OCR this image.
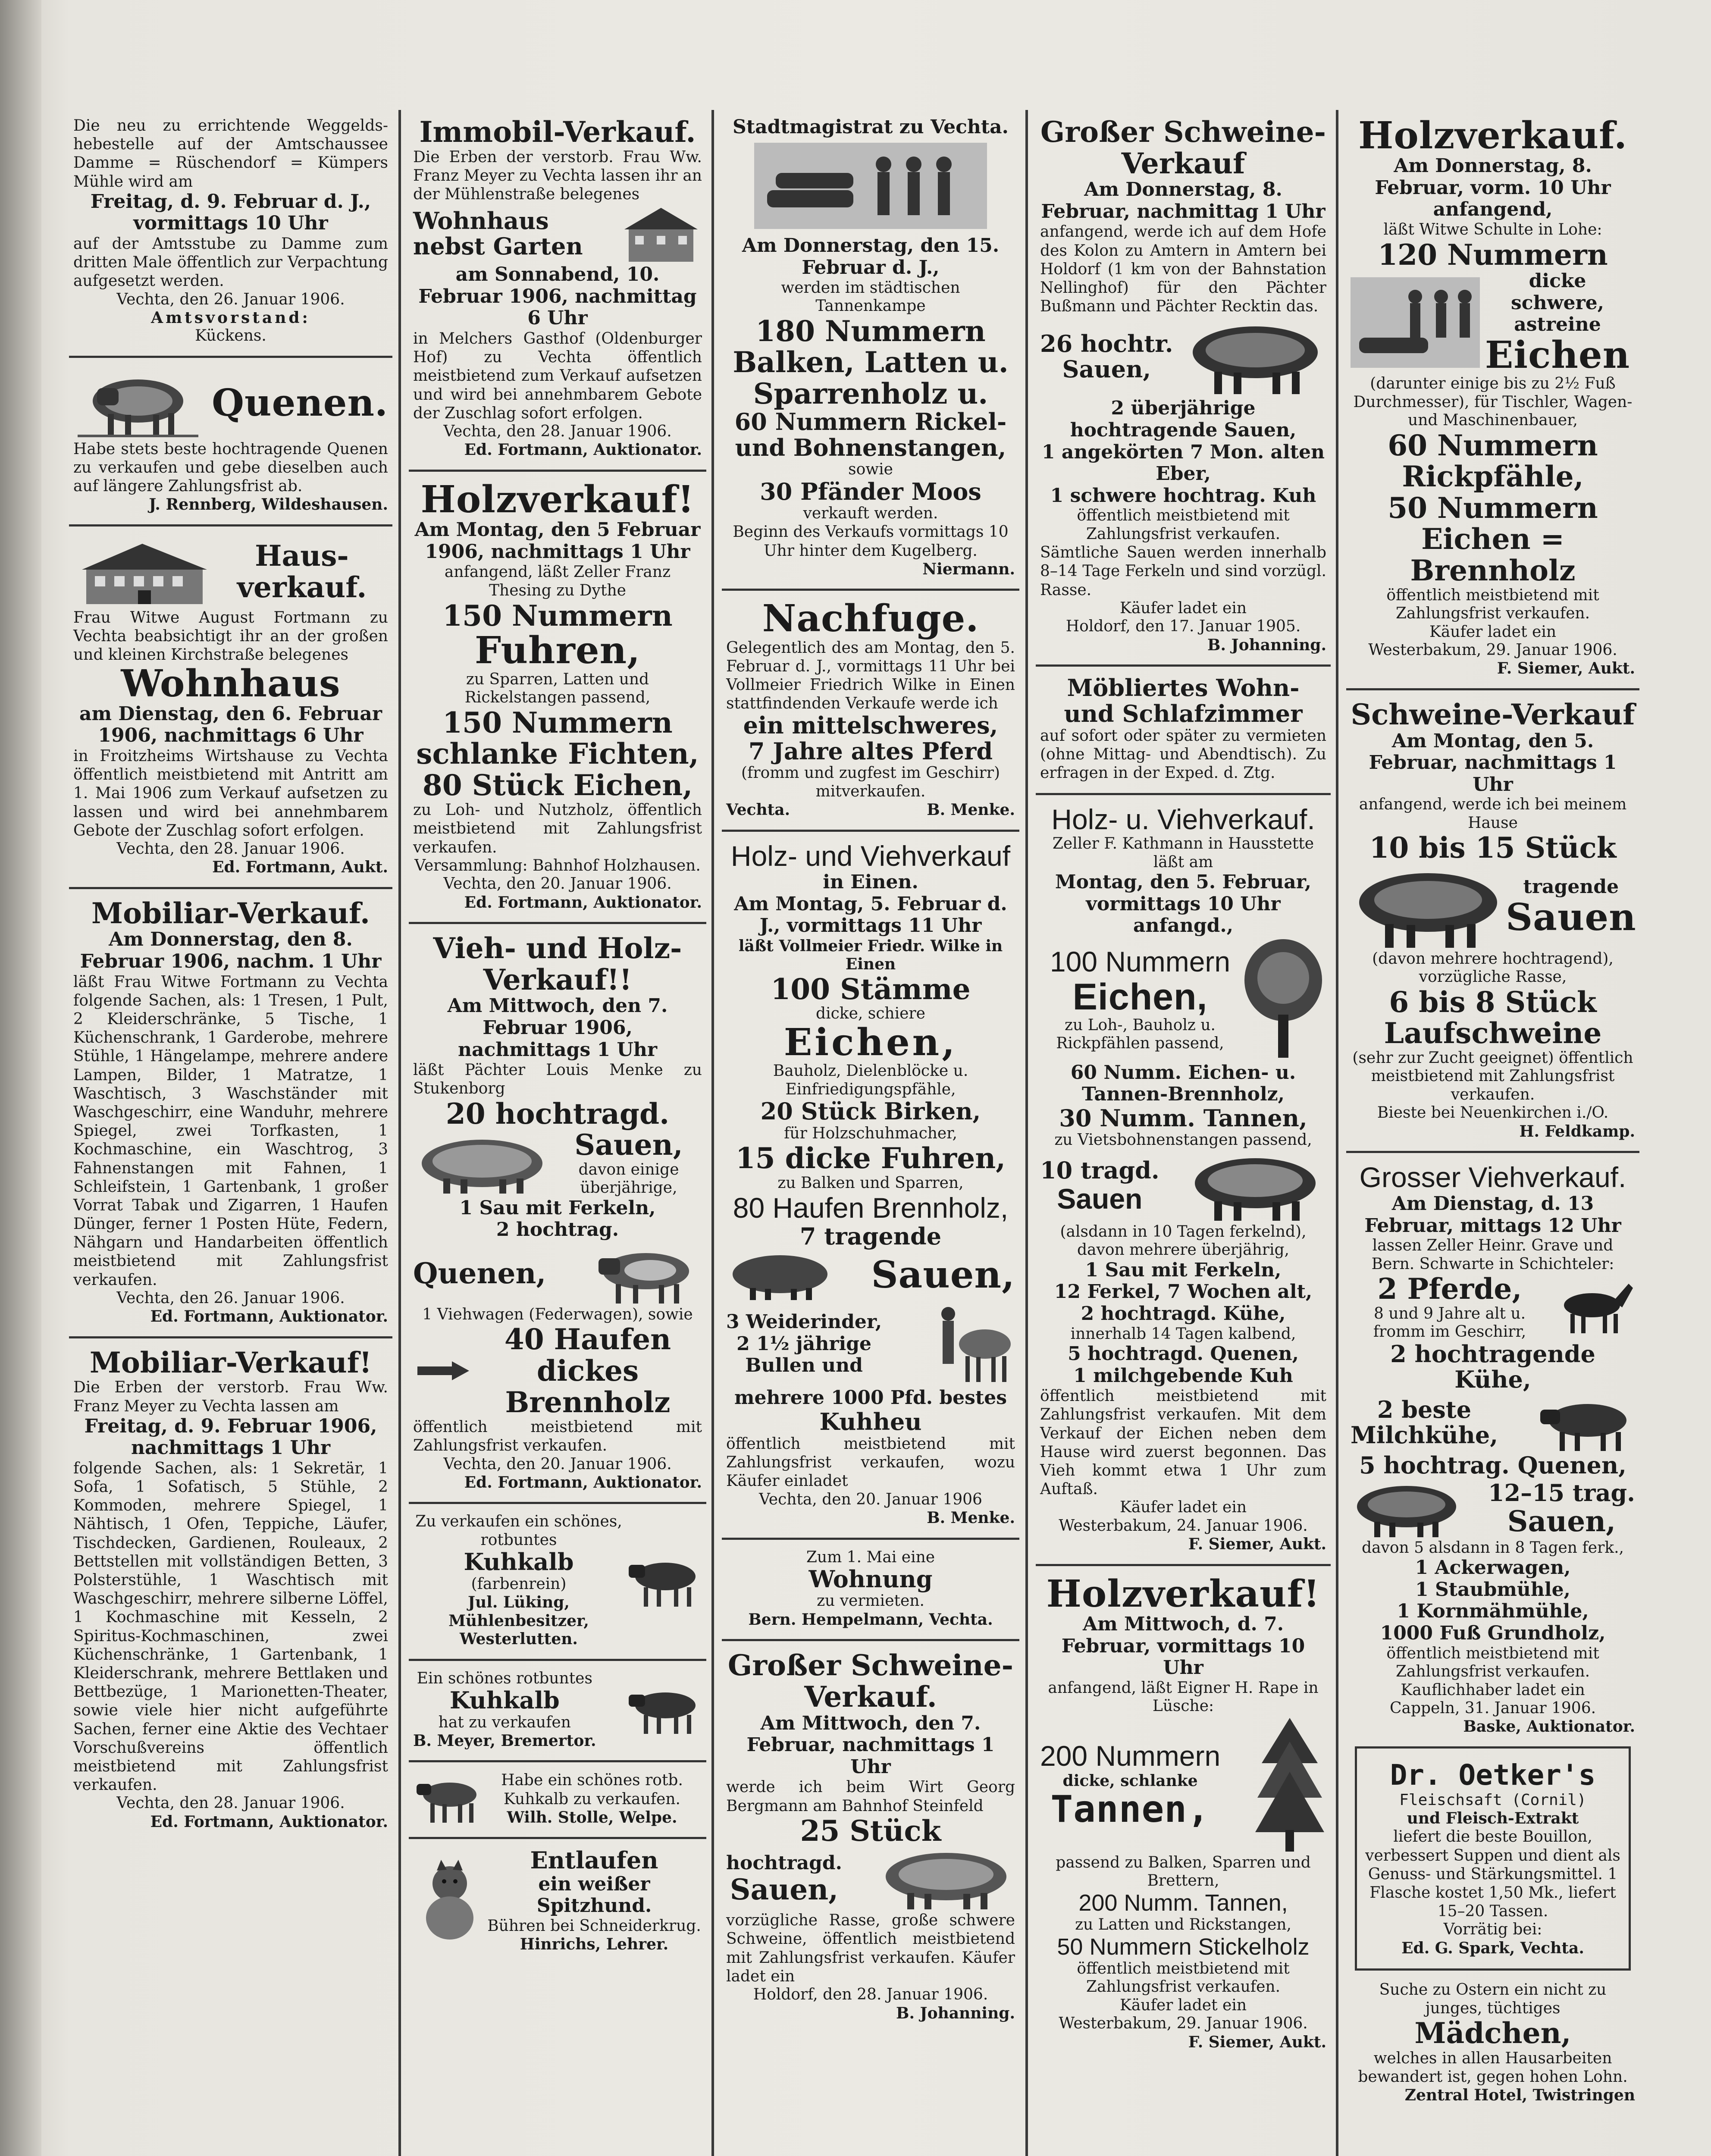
Die neu zu errichtende Weggelds-hebestelle auf der Amtschaussee Damme = Rüschendorf = Kümpers Mühle wird am

Freitag, d. 9. Februar d. J., vormittags 10 Uhr

auf der Amtsstube zu Damme zum dritten Male öffentlich zur Verpachtung aufgesetzt werden.

Vechta, den 26. Januar 1906.
Amtsvorstand:
Kückens.
Quenen.

Habe stets beste hochtragende Quenen zu verkaufen und gebe dieselben auch auf längere Zahlungsfrist ab.

J. Rennberg, Wildeshausen.
Haus-verkauf.

Frau Witwe August Fortmann zu Vechta beabsichtigt ihr an der großen und kleinen Kirchstraße belegenes

Wohnhaus
am Dienstag, den 6. Februar 1906, nachmittags 6 Uhr

in Froitzheims Wirtshause zu Vechta öffentlich meistbietend mit Antritt am 1. Mai 1906 zum Verkauf aufsetzen zu lassen und wird bei annehmbarem Gebote der Zuschlag sofort erfolgen.

Vechta, den 28. Januar 1906.
Ed. Fortmann, Aukt.
Mobiliar-Verkauf.
Am Donnerstag, den 8. Februar 1906, nachm. 1 Uhr

läßt Frau Witwe Fortmann zu Vechta folgende Sachen, als: 1 Tresen, 1 Pult, 2 Kleiderschränke, 5 Tische, 1 Küchenschrank, 1 Garderobe, mehrere Stühle, 1 Hängelampe, mehrere andere Lampen, Bilder, 1 Matratze, 1 Waschtisch, 3 Waschständer mit Waschgeschirr, eine Wanduhr, mehrere Spiegel, zwei Torfkasten, 1 Kochmaschine, ein Waschtrog, 3 Fahnenstangen mit Fahnen, 1 Schleifstein, 1 Gartenbank, 1 großer Vorrat Tabak und Zigarren, 1 Haufen Dünger, ferner 1 Posten Hüte, Federn, Nähgarn und Handarbeiten öffentlich meistbietend mit Zahlungsfrist verkaufen.

Vechta, den 26. Januar 1906.
Ed. Fortmann, Auktionator.
Mobiliar-Verkauf!

Die Erben der verstorb. Frau Ww. Franz Meyer zu Vechta lassen am

Freitag, d. 9. Februar 1906, nachmittags 1 Uhr

folgende Sachen, als: 1 Sekretär, 1 Sofa, 1 Sofatisch, 5 Stühle, 2 Kommoden, mehrere Spiegel, 1 Nähtisch, 1 Ofen, Teppiche, Läufer, Tischdecken, Gardienen, Rouleaux, 2 Bettstellen mit vollständigen Betten, 3 Polsterstühle, 1 Waschtisch mit Waschgeschirr, mehrere silberne Löffel, 1 Kochmaschine mit Kesseln, 2 Spiritus-Kochmaschinen, zwei Küchenschränke, 1 Gartenbank, 1 Kleiderschrank, mehrere Bettlaken und Bettbezüge, 1 Marionetten-Theater, sowie viele hier nicht aufgeführte Sachen, ferner eine Aktie des Vechtaer Vorschußvereins öffentlich meistbietend mit Zahlungsfrist verkaufen.

Vechta, den 28. Januar 1906.
Ed. Fortmann, Auktionator.
Immobil-Verkauf.

Die Erben der verstorb. Frau Ww. Franz Meyer zu Vechta lassen ihr an der Mühlenstraße belegenes

Wohnhaus nebst Garten
am Sonnabend, 10. Februar 1906, nachmittag 6 Uhr

in Melchers Gasthof (Oldenburger Hof) zu Vechta öffentlich meistbietend zum Verkauf aufsetzen und wird bei annehmbarem Gebote der Zuschlag sofort erfolgen.

Vechta, den 28. Januar 1906.
Ed. Fortmann, Auktionator.
Holzverkauf!
Am Montag, den 5 Februar 1906, nachmittags 1 Uhr

anfangend, läßt Zeller Franz Thesing zu Dythe

150 Nummern
Fuhren,
zu Sparren, Latten und Rickelstangen passend,
150 Nummern
schlanke Fichten,
80 Stück Eichen,

zu Loh- und Nutzholz, öffentlich meistbietend mit Zahlungsfrist verkaufen.

Versammlung: Bahnhof Holzhausen.
Vechta, den 20. Januar 1906.
Ed. Fortmann, Auktionator.
Vieh- und Holz-Verkauf!!
Am Mittwoch, den 7. Februar 1906, nachmittags 1 Uhr

läßt Pächter Louis Menke zu Stukenborg

20 hochtragd.
Sauen,
davon einige überjährige,
1 Sau mit Ferkeln,
2 hochtrag.
Quenen,
1 Viehwagen (Federwagen), sowie
40 Haufen dickes Brennholz

öffentlich meistbietend mit Zahlungsfrist verkaufen.

Vechta, den 20. Januar 1906.
Ed. Fortmann, Auktionator.
Zu verkaufen ein schönes, rotbuntes
Kuhkalb
(farbenrein)
Jul. Lüking, Mühlenbesitzer, Westerlutten.
Ein schönes rotbuntes
Kuhkalb
hat zu verkaufen
B. Meyer, Bremertor.

Habe ein schönes rotb. Kuhkalb zu verkaufen.

Wilh. Stolle, Welpe.
Entlaufen
ein weißer Spitzhund.
Bühren bei Schneiderkrug.
Hinrichs, Lehrer.
Stadtmagistrat zu Vechta.
Am Donnerstag, den 15. Februar d. J.,
werden im städtischen Tannenkampe
180 Nummern
Balken, Latten u.
Sparrenholz u.
60 Nummern Rickel- und Bohnenstangen,
sowie
30 Pfänder Moos
verkauft werden.

Beginn des Verkaufs vormittags 10 Uhr hinter dem Kugelberg.

Niermann.
Nachfuge.

Gelegentlich des am Montag, den 5. Februar d. J., vormittags 11 Uhr bei Vollmeier Friedrich Wilke in Einen stattfindenden Verkaufe werde ich

ein mittelschweres,
7 Jahre altes Pferd
(fromm und zugfest im Geschirr) mitverkaufen.
Vechta.	B. Menke.
Holz- und Viehverkauf
in Einen.
Am Montag, 5. Februar d. J., vormittags 11 Uhr
läßt Vollmeier Friedr. Wilke in Einen
100 Stämme
dicke, schiere
Eichen,
Bauholz, Dielenblöcke u. Einfriedigungspfähle,
20 Stück Birken,
für Holzschuhmacher,
15 dicke Fuhren,
zu Balken und Sparren,
80 Haufen Brennholz,
7 tragende
Sauen,
3 Weiderinder,
2 1½ jährige
Bullen und
mehrere 1000 Pfd. bestes
Kuhheu

öffentlich meistbietend mit Zahlungsfrist verkaufen, wozu Käufer einladet

Vechta, den 20. Januar 1906
B. Menke.
Zum 1. Mai eine
Wohnung
zu vermieten.
Bern. Hempelmann, Vechta.
Großer Schweine-Verkauf.
Am Mittwoch, den 7. Februar, nachmittags 1 Uhr

werde ich beim Wirt Georg Bergmann am Bahnhof Steinfeld

25 Stück
hochtragd.
Sauen,

vorzügliche Rasse, große schwere Schweine, öffentlich meistbietend mit Zahlungsfrist verkaufen. Käufer ladet ein

Holdorf, den 28. Januar 1906.
B. Johanning.
Großer Schweine-Verkauf
Am Donnerstag, 8. Februar, nachmittag 1 Uhr

anfangend, werde ich auf dem Hofe des Kolon zu Amtern in Amtern bei Holdorf (1 km von der Bahnstation Nellinghof) für den Pächter Bußmann und Pächter Recktin das.

26 hochtr.
Sauen,
2 überjährige hochtragende Sauen,
1 angekörten 7 Mon. alten Eber,
1 schwere hochtrag. Kuh
öffentlich meistbietend mit Zahlungsfrist verkaufen.

Sämtliche Sauen werden innerhalb 8–14 Tage Ferkeln und sind vorzügl. Rasse.

Käufer ladet ein
Holdorf, den 17. Januar 1905.
B. Johanning.
Möbliertes Wohn- und Schlafzimmer

auf sofort oder später zu vermieten (ohne Mittag- und Abendtisch). Zu erfragen in der Exped. d. Ztg.

Holz- u. Viehverkauf.
Zeller F. Kathmann in Hausstette läßt am
Montag, den 5. Februar, vormittags 10 Uhr anfangd.,
100 Nummern
Eichen,
zu Loh-, Bauholz u. Rickpfählen passend,
60 Numm. Eichen- u. Tannen-Brennholz,
30 Numm. Tannen,
zu Vietsbohnenstangen passend,
10 tragd.
Sauen
(alsdann in 10 Tagen ferkelnd), davon mehrere überjährig,
1 Sau mit Ferkeln,
12 Ferkel, 7 Wochen alt,
2 hochtragd. Kühe,
innerhalb 14 Tagen kalbend,
5 hochtragd. Quenen,
1 milchgebende Kuh

öffentlich meistbietend mit Zahlungsfrist verkaufen. Mit dem Verkauf der Eichen neben dem Hause wird zuerst begonnen. Das Vieh kommt etwa 1 Uhr zum Auftaß.

Käufer ladet ein
Westerbakum, 24. Januar 1906.
F. Siemer, Aukt.
Holzverkauf!
Am Mittwoch, d. 7. Februar, vormittags 10 Uhr
anfangend, läßt Eigner H. Rape in Lüsche:
200 Nummern
dicke, schlanke
Tannen,
passend zu Balken, Sparren und Brettern,
200 Numm. Tannen,
zu Latten und Rickstangen,
50 Nummern Stickelholz
öffentlich meistbietend mit Zahlungsfrist verkaufen.
Käufer ladet ein
Westerbakum, 29. Januar 1906.
F. Siemer, Aukt.
Holzverkauf.
Am Donnerstag, 8. Februar, vorm. 10 Uhr anfangend,
läßt Witwe Schulte in Lohe:
120 Nummern
dicke schwere, astreine
Eichen
(darunter einige bis zu 2½ Fuß Durchmesser), für Tischler, Wagen- und Maschinenbauer,
60 Nummern
Rickpfähle,
50 Nummern
Eichen = Brennholz
öffentlich meistbietend mit Zahlungsfrist verkaufen.
Käufer ladet ein
Westerbakum, 29. Januar 1906.
F. Siemer, Aukt.
Schweine-Verkauf
Am Montag, den 5. Februar, nachmittags 1 Uhr
anfangend, werde ich bei meinem Hause
10 bis 15 Stück
tragende
Sauen
(davon mehrere hochtragend), vorzügliche Rasse,
6 bis 8 Stück
Laufschweine
(sehr zur Zucht geeignet) öffentlich meistbietend mit Zahlungsfrist verkaufen.
Bieste bei Neuenkirchen i./O.
H. Feldkamp.
Grosser Viehverkauf.
Am Dienstag, d. 13 Februar, mittags 12 Uhr
lassen Zeller Heinr. Grave und Bern. Schwarte in Schichteler:
2 Pferde,
8 und 9 Jahre alt u. fromm im Geschirr,
2 hochtragende Kühe,
2 beste
Milchkühe,
5 hochtrag. Quenen,
12–15 trag.
Sauen,
davon 5 alsdann in 8 Tagen ferk.,
1 Ackerwagen,
1 Staubmühle,
1 Kornmähmühle,
1000 Fuß Grundholz,
öffentlich meistbietend mit Zahlungsfrist verkaufen.
Kauflichhaber ladet ein
Cappeln, 31. Januar 1906.
Baske, Auktionator.
Dr. Oetker's
Fleischsaft (Cornil)
und Fleisch-Extrakt

liefert die beste Bouillon, verbessert Suppen und dient als Genuss- und Stärkungsmittel. 1 Flasche kostet 1,50 Mk., liefert 15–20 Tassen.

Vorrätig bei:
Ed. G. Spark, Vechta.
Suche zu Ostern ein nicht zu junges, tüchtiges
Mädchen,

welches in allen Hausarbeiten bewandert ist, gegen hohen Lohn.

Zentral Hotel, Twistringen
